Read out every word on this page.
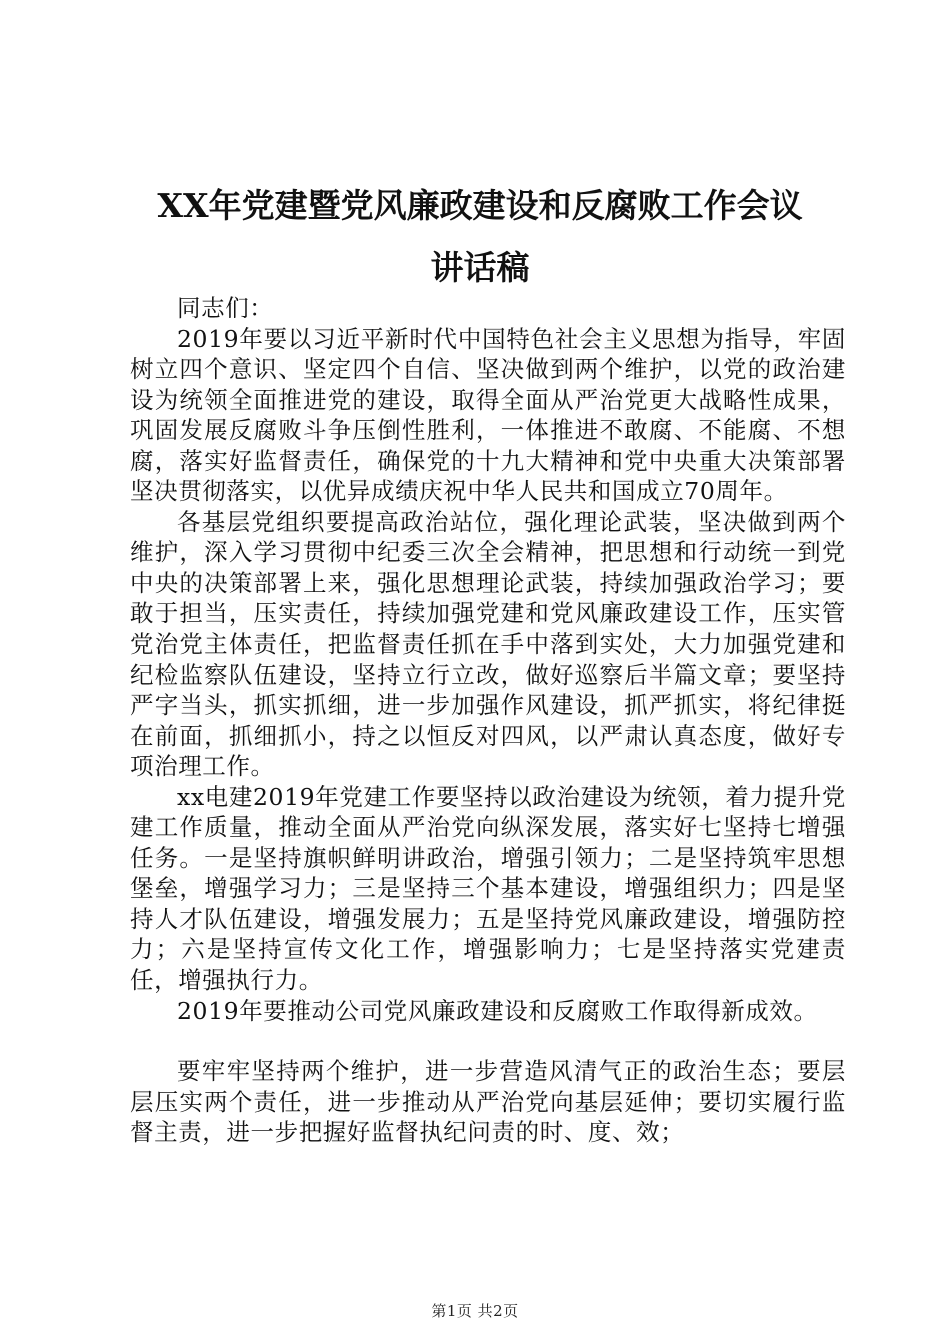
XX年党建暨党风廉政建设和反腐败工作会议
讲话稿

同志们：

2019年要以习近平新时代中国特色社会主义思想为指导，牢固树立四个意识、坚定四个自信、坚决做到两个维护，以党的政治建设为统领全面推进党的建设，取得全面从严治党更大战略性成果，巩固发展反腐败斗争压倒性胜利，一体推进不敢腐、不能腐、不想腐，落实好监督责任，确保党的十九大精神和党中央重大决策部署坚决贯彻落实，以优异成绩庆祝中华人民共和国成立70周年。

各基层党组织要提高政治站位，强化理论武装，坚决做到两个维护，深入学习贯彻中纪委三次全会精神，把思想和行动统一到党中央的决策部署上来，强化思想理论武装，持续加强政治学习；要敢于担当，压实责任，持续加强党建和党风廉政建设工作，压实管党治党主体责任，把监督责任抓在手中落到实处，大力加强党建和纪检监察队伍建设，坚持立行立改，做好巡察后半篇文章；要坚持严字当头，抓实抓细，进一步加强作风建设，抓严抓实，将纪律挺在前面，抓细抓小，持之以恒反对四风，以严肃认真态度，做好专项治理工作。

xx电建2019年党建工作要坚持以政治建设为统领，着力提升党建工作质量，推动全面从严治党向纵深发展，落实好七坚持七增强任务。一是坚持旗帜鲜明讲政治，增强引领力；二是坚持筑牢思想堡垒，增强学习力；三是坚持三个基本建设，增强组织力；四是坚持人才队伍建设，增强发展力；五是坚持党风廉政建设，增强防控力；六是坚持宣传文化工作，增强影响力；七是坚持落实党建责任，增强执行力。

2019年要推动公司党风廉政建设和反腐败工作取得新成效。

要牢牢坚持两个维护，进一步营造风清气正的政治生态；要层层压实两个责任，进一步推动从严治党向基层延伸；要切实履行监督主责，进一步把握好监督执纪问责的时、度、效；

第1页 共2页
